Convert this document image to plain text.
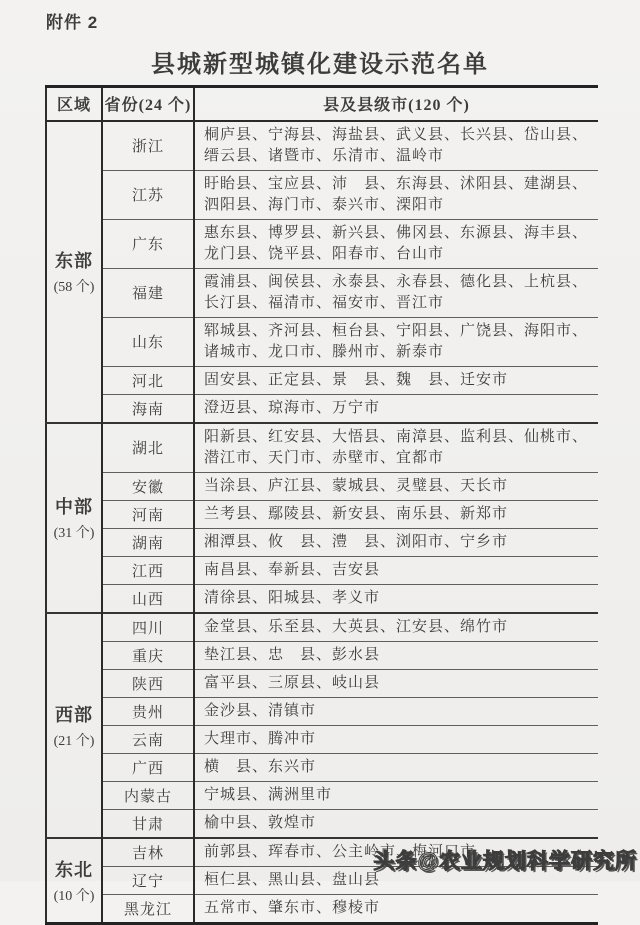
附件 2
县城新型城镇化建设示范名单
区域	省份(24 个)	县及县级市(120 个)

东部
(58 个)	浙江	桐庐县、宁海县、海盐县、武义县、长兴县、岱山县、缙云县、诸暨市、乐清市、温岭市
	江苏	盱眙县、宝应县、沛　县、东海县、沭阳县、建湖县、泗阳县、海门市、泰兴市、溧阳市
	广东	惠东县、博罗县、新兴县、佛冈县、东源县、海丰县、龙门县、饶平县、阳春市、台山市
	福建	霞浦县、闽侯县、永泰县、永春县、德化县、上杭县、长汀县、福清市、福安市、晋江市
	山东	郓城县、齐河县、桓台县、宁阳县、广饶县、海阳市、诸城市、龙口市、滕州市、新泰市
	河北	固安县、正定县、景　县、魏　县、迁安市
	海南	澄迈县、琼海市、万宁市

中部
(31 个)	湖北	阳新县、红安县、大悟县、南漳县、监利县、仙桃市、潜江市、天门市、赤壁市、宜都市
	安徽	当涂县、庐江县、蒙城县、灵璧县、天长市
	河南	兰考县、鄢陵县、新安县、南乐县、新郑市
	湖南	湘潭县、攸　县、澧　县、浏阳市、宁乡市
	江西	南昌县、奉新县、吉安县
	山西	清徐县、阳城县、孝义市

西部
(21 个)	四川	金堂县、乐至县、大英县、江安县、绵竹市
	重庆	垫江县、忠　县、彭水县
	陕西	富平县、三原县、岐山县
	贵州	金沙县、清镇市
	云南	大理市、腾冲市
	广西	横　县、东兴市
	内蒙古	宁城县、满洲里市
	甘肃	榆中县、敦煌市

东北
(10 个)	吉林	前郭县、珲春市、公主岭市、梅河口市
	辽宁	桓仁县、黑山县、盘山县
	黑龙江	五常市、肇东市、穆棱市
头条@农业规划科学研究所
